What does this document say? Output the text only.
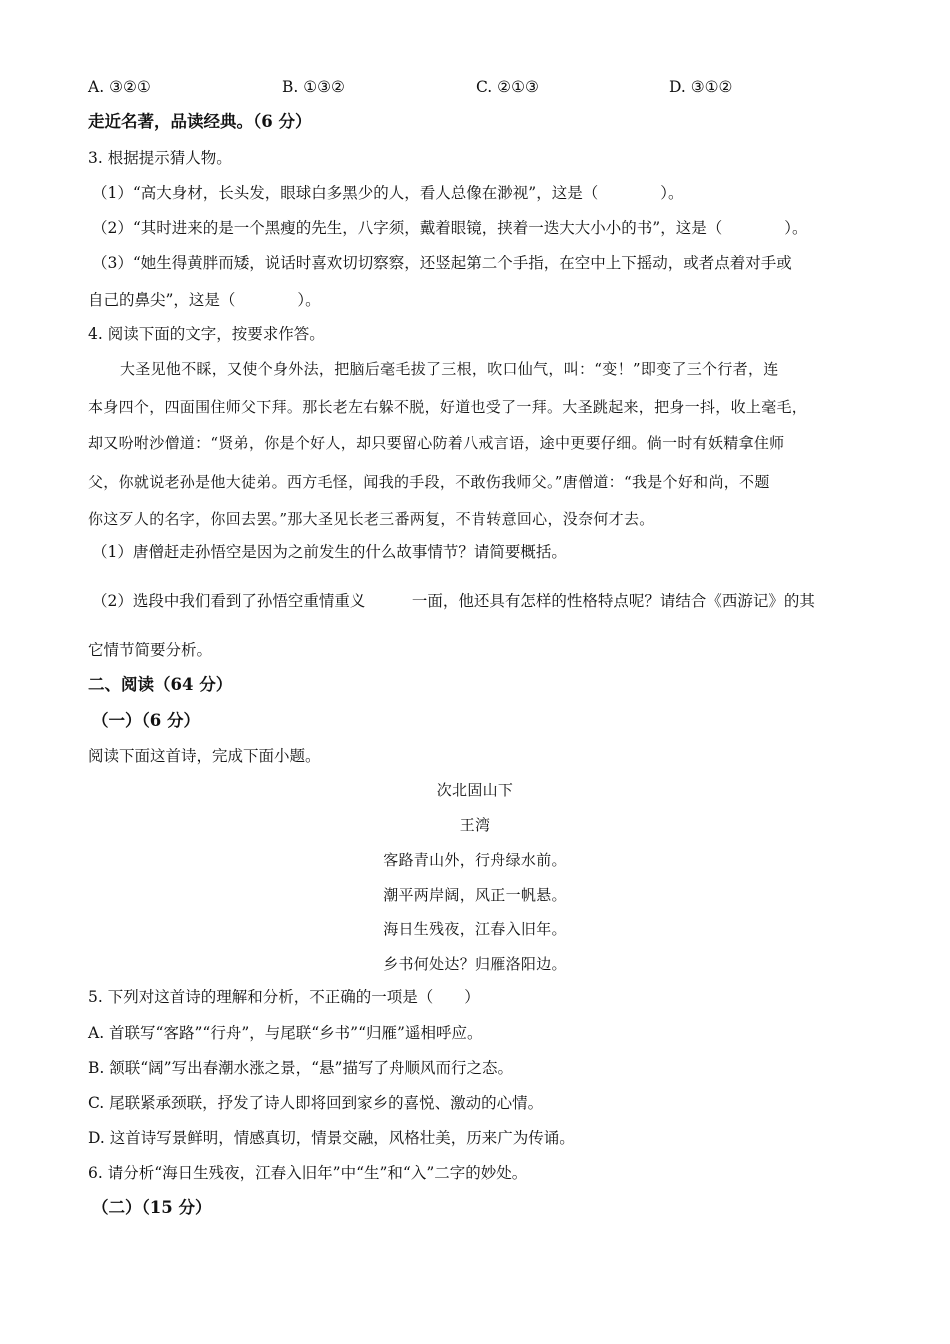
A. ③②①	B. ①③②	C. ②①③	D. ③①②
走近名著，品读经典。（6 分）
3. 根据提示猜人物。
（1）“高大身材，长头发，眼球白多黑少的人，看人总像在渺视”，这是（　　　　）。
（2）“其时进来的是一个黑瘦的先生，八字须，戴着眼镜，挟着一迭大大小小的书”，这是（　　　　）。
（3）“她生得黄胖而矮，说话时喜欢切切察察，还竖起第二个手指，在空中上下摇动，或者点着对手或
自己的鼻尖”，这是（　　　　）。
4. 阅读下面的文字，按要求作答。
大圣见他不睬，又使个身外法，把脑后毫毛拔了三根，吹口仙气，叫：“变！”即变了三个行者，连
本身四个，四面围住师父下拜。那长老左右躲不脱，好道也受了一拜。大圣跳起来，把身一抖，收上毫毛，
却又吩咐沙僧道：“贤弟，你是个好人，却只要留心防着八戒言语，途中更要仔细。倘一时有妖精拿住师
父，你就说老孙是他大徒弟。西方毛怪，闻我的手段，不敢伤我师父。”唐僧道：“我是个好和尚，不题
你这歹人的名字，你回去罢。”那大圣见长老三番两复，不肯转意回心，没奈何才去。
（1）唐僧赶走孙悟空是因为之前发生的什么故事情节？请简要概括。
（2）选段中我们看到了孙悟空重情重义　　　一面，他还具有怎样的性格特点呢？请结合《西游记》的其
它情节简要分析。
二、阅读（64 分）
（一）（6 分）
阅读下面这首诗，完成下面小题。
次北固山下
王湾
客路青山外，行舟绿水前。
潮平两岸阔，风正一帆悬。
海日生残夜，江春入旧年。
乡书何处达？归雁洛阳边。
5. 下列对这首诗的理解和分析，不正确的一项是（　　）
A. 首联写“客路”“行舟”，与尾联“乡书”“归雁”遥相呼应。
B. 颔联“阔”写出春潮水涨之景，“悬”描写了舟顺风而行之态。
C. 尾联紧承颈联，抒发了诗人即将回到家乡的喜悦、激动的心情。
D. 这首诗写景鲜明，情感真切，情景交融，风格壮美，历来广为传诵。
6. 请分析“海日生残夜，江春入旧年”中“生”和“入”二字的妙处。
（二）（15 分）
